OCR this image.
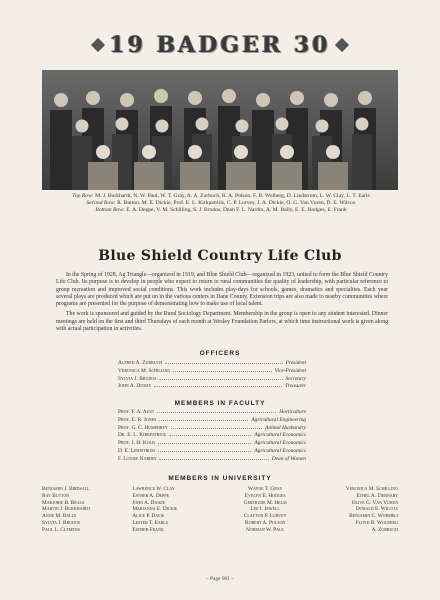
19 BADGER 30
Top Row: M. J. Burkhardt, N. W. Paul, W. T. Gray, A. A. Zurbuch, R. A. Polson, F. B. Wolberg, D. Lindstrom, L. W. Clay, L. T. Earls
Second Row: R. Button, M. E. Dickie, Prof. E. L. Kirkpatrick, C. P. Lurvey, J. A. Dickie, O. G. Van Vuren, D. E. Wilcox
Bottom Row: E. A. Deppe, V. M. Schilling, S. J. Brudos, Dean F. L. Nardin, A. M. Bally, E. E. Hodges, E. Frank
Blue Shield Country Life Club

In the Spring of 1928, Ag Triangle—organized in 1919, and Blue Shield Club—organized in 1923, united to form the Blue Shield Country Life Club. Its purpose is to develop in people who expect to return to rural communities the quality of leadership, with particular reference to group recreation and improved social conditions. This work includes play-days for schools, games, dramatics and specialties. Each year several plays are produced which are put on in the various centers in Dane County. Extension trips are also made to nearby communities where programs are presented for the purpose of demonstrating how to make use of local talent.

The work is sponsored and guided by the Rural Sociology Department. Membership in the group is open to any student interested. Dinner meetings are held on the first and third Thursdays of each month at Wesley Foundation Parlors, at which time instructional work is given along with actual participation in activities.

OFFICERS
Alfred A. Zurbuch	President
Veronica M. Schilling	Vice-President
Sylvia J. Brudos	Secretary
John A. Dickie	Treasurer
MEMBERS IN FACULTY
Prof. F. A. Aust	Horticulture
Prof. E. R. Jones	Agricultural Engineering
Prof. G. C. Humphrey	Animal Husbandry
Dr. E. L. Kirkpatrick	Agricultural Economics
Prof. J. H. Kolb	Agricultural Economics
D. E. Lindstrom	Agricultural Economics
F. Louise Nardin	Dean of Women
MEMBERS IN UNIVERSITY
Benjamin J. Birdsall
Ray Button
Marjorie B. Beals
Martin J. Burkhardt
Anne M. Bally
Sylvia J. Brudos
Paul L. Clemens
Lawrence W. Clay
Esther A. Deppe
John A. Dickie
Marianna E. Dickie
Alice P. Davis
Lester T. Earls
Esther Frank
Wayne T. Gray
Evelyn E. Hodges
Gertrude M. Helm
Lee I. Jewell
Clayton P. Lurvey
Robert A. Polson
Norman W. Paul
Veronica M. Schilling
Ethel A. Tiernary
Olive G. Van Vuren
Donald E. Wilcox
Benjamin C. Wormeli
Floyd B. Wolberg
A. Zurbuch
~ Page 901 ~
